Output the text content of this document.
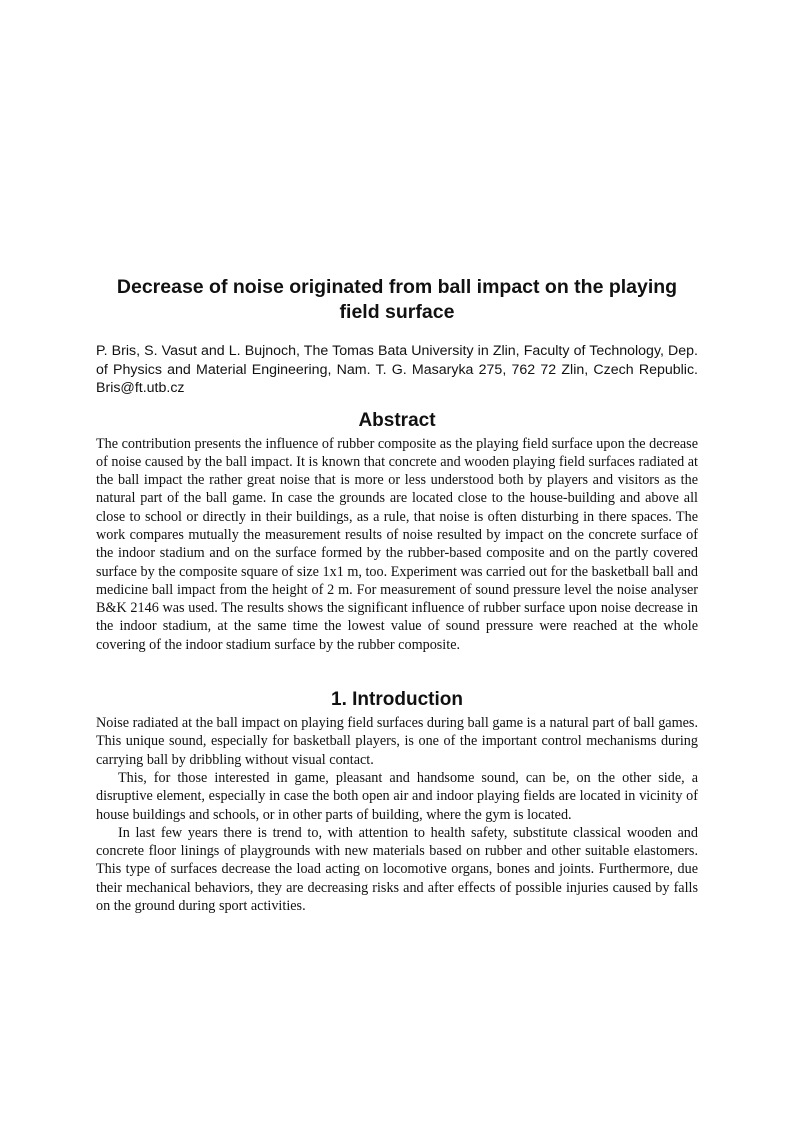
Decrease of noise originated from ball impact on the playing field surface

P. Bris, S. Vasut and L. Bujnoch, The Tomas Bata University in Zlin, Faculty of Technology, Dep. of Physics and Material Engineering, Nam. T. G. Masaryka 275, 762 72 Zlin, Czech Republic. Bris@ft.utb.cz

Abstract

The contribution presents the influence of rubber composite as the playing field surface upon the decrease of noise caused by the ball impact. It is known that concrete and wooden playing field surfaces radiated at the ball impact the rather great noise that is more or less understood both by players and visitors as the natural part of the ball game. In case the grounds are located close to the house-building and above all close to school or directly in their buildings, as a rule, that noise is often disturbing in there spaces. The work compares mutually the measurement results of noise resulted by impact on the concrete surface of the indoor stadium and on the surface formed by the rubber-based composite and on the partly covered surface by the composite square of size 1x1 m, too. Experiment was carried out for the basketball ball and medicine ball impact from the height of 2 m. For measurement of sound pressure level the noise analyser B&K 2146 was used. The results shows the significant influence of rubber surface upon noise decrease in the indoor stadium, at the same time the lowest value of sound pressure were reached at the whole covering of the indoor stadium surface by the rubber composite.

1. Introduction

Noise radiated at the ball impact on playing field surfaces during ball game is a natural part of ball games. This unique sound, especially for basketball players, is one of the important control mechanisms during carrying ball by dribbling without visual contact.

This, for those interested in game, pleasant and handsome sound, can be, on the other side, a disruptive element, especially in case the both open air and indoor playing fields are located in vicinity of house buildings and schools, or in other parts of building, where the gym is located.

In last few years there is trend to, with attention to health safety, substitute classical wooden and concrete floor linings of playgrounds with new materials based on rubber and other suitable elastomers. This type of surfaces decrease the load acting on locomotive organs, bones and joints. Furthermore, due their mechanical behaviors, they are decreasing risks and after effects of possible injuries caused by falls on the ground during sport activities.
